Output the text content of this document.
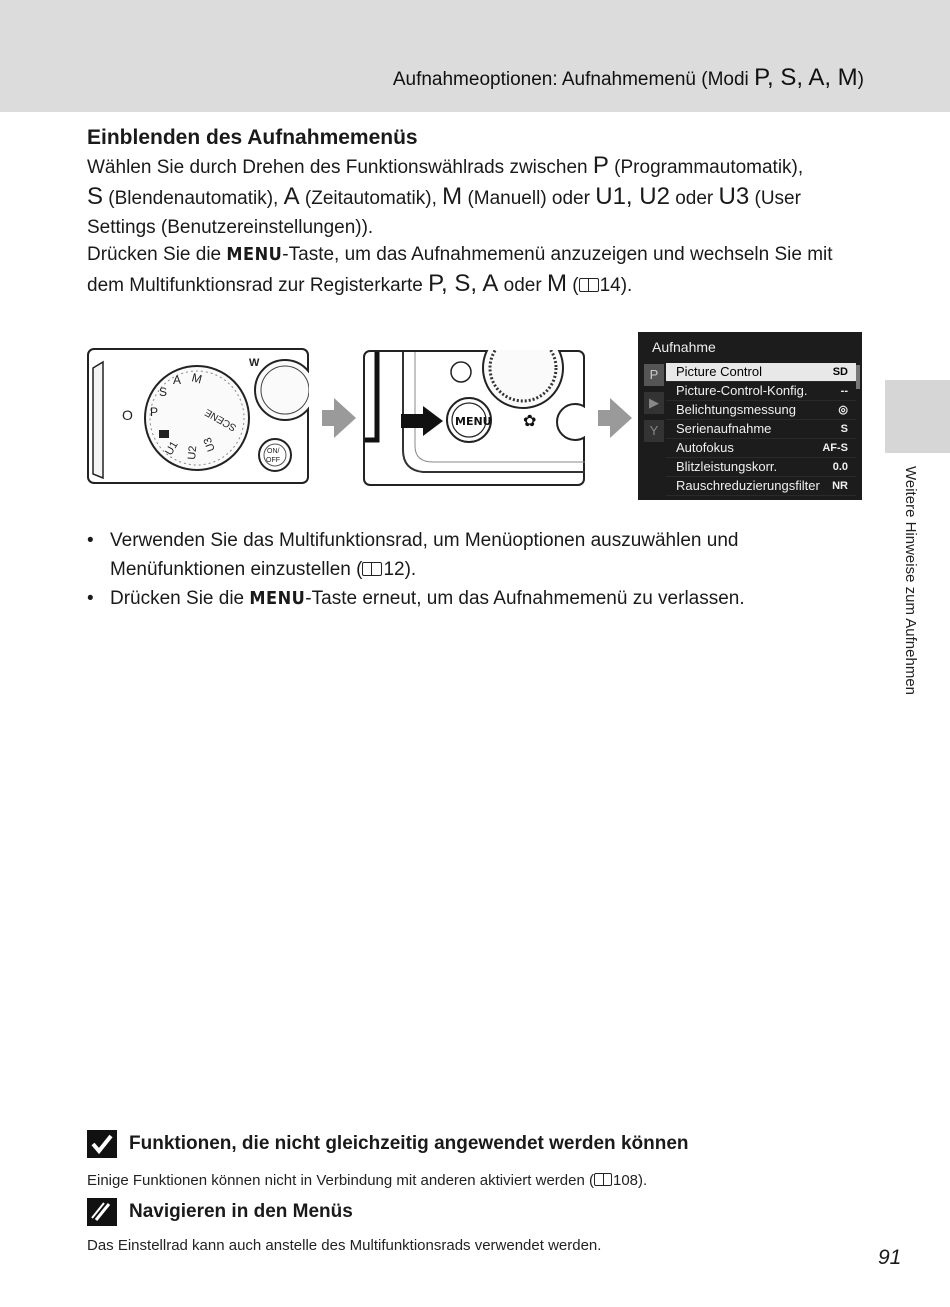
Aufnahmeoptionen: Aufnahmemenü (Modi P, S, A, M)
Weitere Hinweise zum Aufnehmen
Einblenden des Aufnahmemenüs
Wählen Sie durch Drehen des Funktionswählrads zwischen P (Programmautomatik),
S (Blendenautomatik), A (Zeitautomatik), M (Manuell) oder U1, U2 oder U3 (User Settings (Benutzereinstellungen)).
Drücken Sie die MENU-Taste, um das Aufnahmemenü anzuzeigen und wechseln Sie mit dem Multifunktionsrad zur Registerkarte P, S, A oder M ( 14).
M
A
S
P
U1 U2 U3
SCENE
O
W
ON/
OFF
MENU ✿
Aufnahme
P
▶
Y
Picture Control	SD
Picture-Control-Konfig.	--
Belichtungsmessung	◎
Serienaufnahme	S
Autofokus	AF-S
Blitzleistungskorr.	0.0
Rauschreduzierungsfilter NR
• Verwenden Sie das Multifunktionsrad, um Menüoptionen auszuwählen und Menüfunktionen einzustellen ( 12).
• Drücken Sie die MENU-Taste erneut, um das Aufnahmemenü zu verlassen.
Funktionen, die nicht gleichzeitig angewendet werden können
Einige Funktionen können nicht in Verbindung mit anderen aktiviert werden ( 108).
Navigieren in den Menüs
Das Einstellrad kann auch anstelle des Multifunktionsrads verwendet werden.
91
